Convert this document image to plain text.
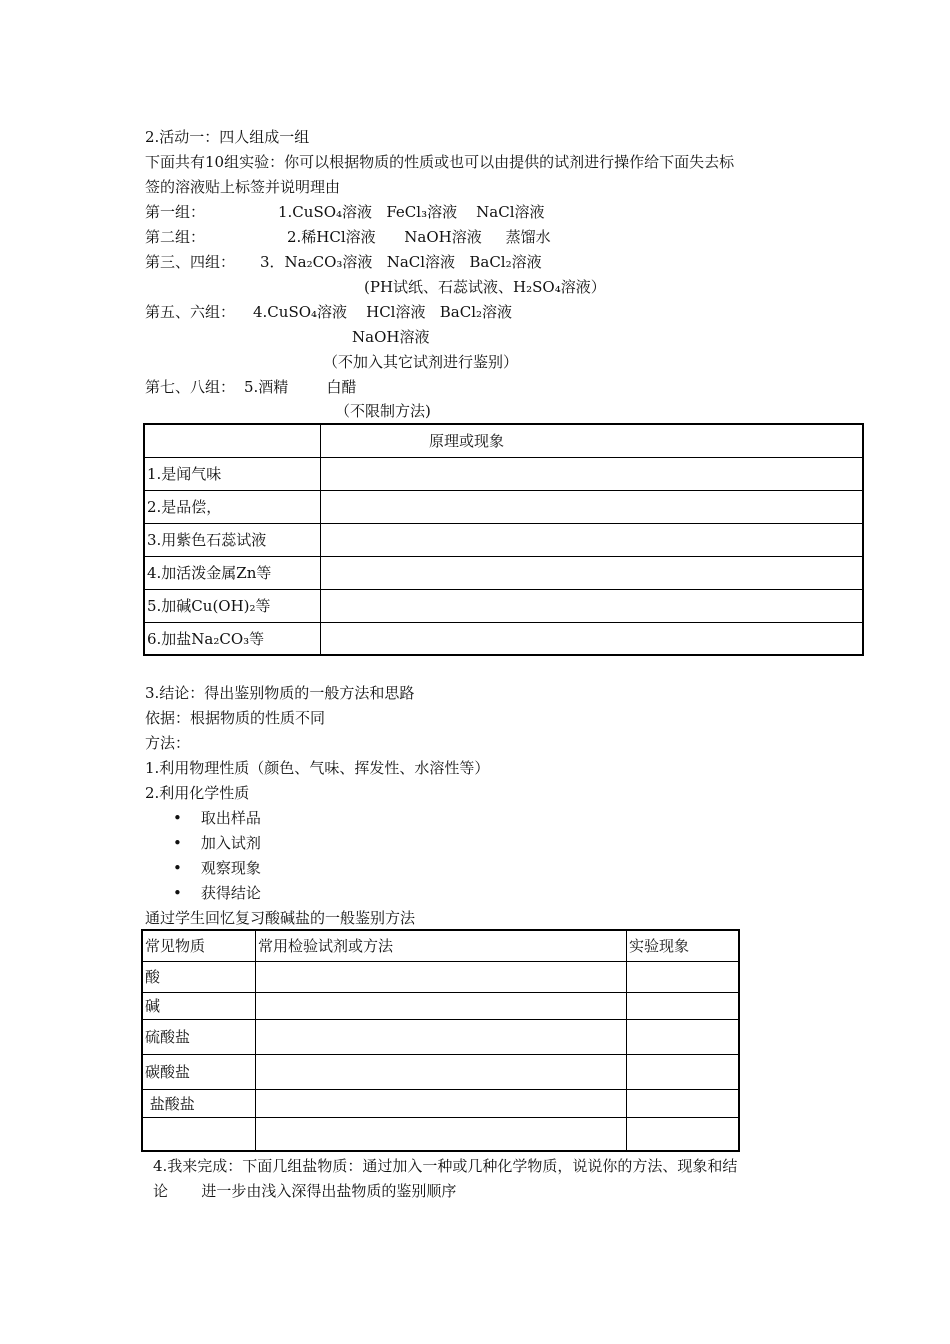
2.活动一：四人组成一组
下面共有10组实验：你可以根据物质的性质或也可以由提供的试剂进行操作给下面失去标
签的溶液贴上标签并说明理由
第一组：	1.CuSO₄溶液   FeCl₃溶液    NaCl溶液
第二组：	2.稀HCl溶液      NaOH溶液     蒸馏水
第三、四组： 3．Na₂CO₃溶液   NaCl溶液   BaCl₂溶液
(PH试纸、石蕊试液、H₂SO₄溶液）
第五、六组： 4.CuSO₄溶液    HCl溶液   BaCl₂溶液
NaOH溶液
（不加入其它试剂进行鉴别）
第七、八组： 5.酒精        白醋
（不限制方法)
	原理或现象
1.是闻气味	
2.是品偿，	
3.用紫色石蕊试液	
4.加活泼金属Zn等	
5.加碱Cu(OH)₂等	
6.加盐Na₂CO₃等	
3.结论：得出鉴别物质的一般方法和思路
依据：根据物质的性质不同
方法：
1.利用物理性质（颜色、气味、挥发性、水溶性等）
2.利用化学性质
•    取出样品
•    加入试剂
•    观察现象
•    获得结论
通过学生回忆复习酸碱盐的一般鉴别方法
常见物质	常用检验试剂或方法	实验现象
酸		
碱		
硫酸盐		
碳酸盐		
盐酸盐		

4.我来完成：下面几组盐物质：通过加入一种或几种化学物质，说说你的方法、现象和结
论       进一步由浅入深得出盐物质的鉴别顺序
